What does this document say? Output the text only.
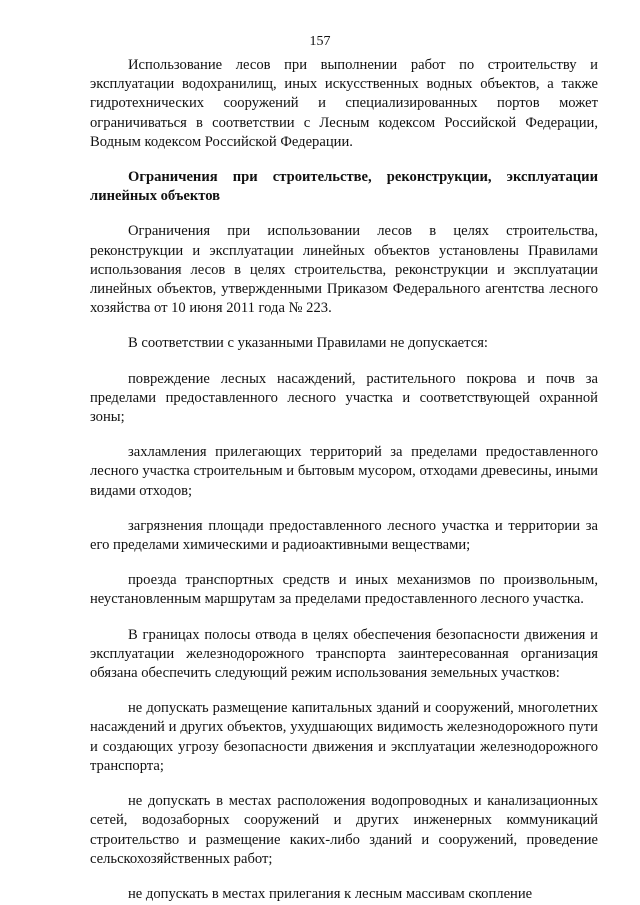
157

Использование лесов при выполнении работ по строительству и эксплуатации водохранилищ, иных искусственных водных объектов, а также гидротехнических сооружений и специализированных портов может ограничиваться в соответствии с Лесным кодексом Российской Федерации, Водным кодексом Российской Федерации.

Ограничения при строительстве, реконструкции, эксплуатации линейных объектов

Ограничения при использовании лесов в целях строительства, реконструкции и эксплуатации линейных объектов установлены Правилами использования лесов в целях строительства, реконструкции и эксплуатации линейных объектов, утвержденными Приказом Федерального агентства лесного хозяйства от 10 июня 2011 года № 223.

В соответствии с указанными Правилами не допускается:

повреждение лесных насаждений, растительного покрова и почв за пределами предоставленного лесного участка и соответствующей охранной зоны;

захламления прилегающих территорий за пределами предоставленного лесного участка строительным и бытовым мусором, отходами древесины, иными видами отходов;

загрязнения площади предоставленного лесного участка и территории за его пределами химическими и радиоактивными веществами;

проезда транспортных средств и иных механизмов по произвольным, неустановленным маршрутам за пределами предоставленного лесного участка.

В границах полосы отвода в целях обеспечения безопасности движения и эксплуатации железнодорожного транспорта заинтересованная организация обязана обеспечить следующий режим использования земельных участков:

не допускать размещение капитальных зданий и сооружений, многолетних насаждений и других объектов, ухудшающих видимость железнодорожного пути и создающих угрозу безопасности движения и эксплуатации железнодорожного транспорта;

не допускать в местах расположения водопроводных и канализационных сетей, водозаборных сооружений и других инженерных коммуникаций строительство и размещение каких-либо зданий и сооружений, проведение сельскохозяйственных работ;

не допускать в местах прилегания к лесным массивам скопление
